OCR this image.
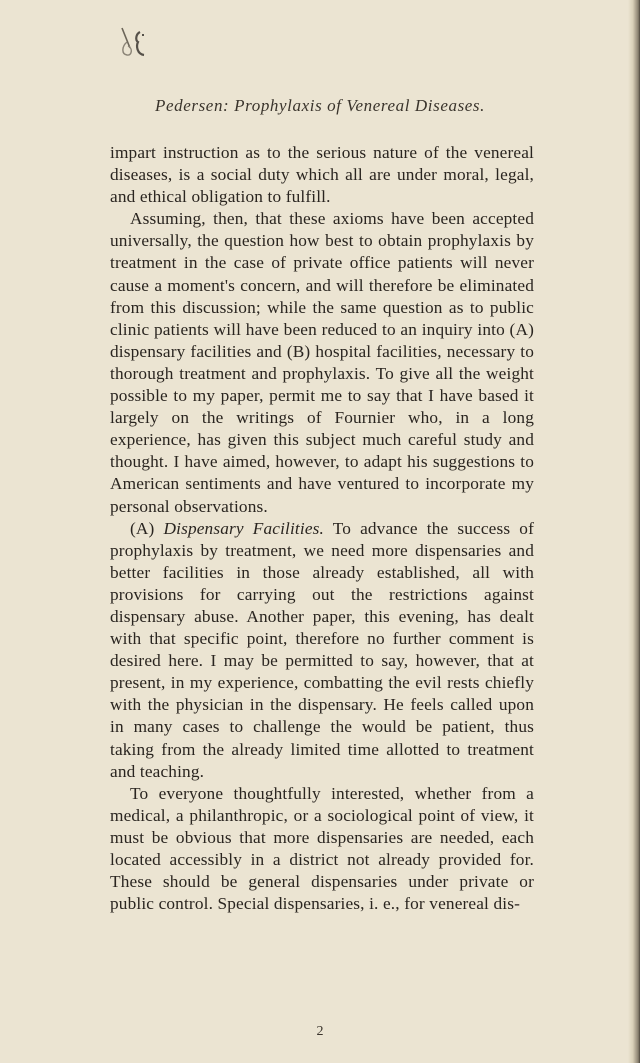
Pedersen: Prophylaxis of Venereal Diseases.

impart instruction as to the serious nature of the venereal diseases, is a social duty which all are under moral, legal, and ethical obligation to fulfill.

Assuming, then, that these axioms have been accepted universally, the question how best to obtain prophylaxis by treatment in the case of private office patients will never cause a moment's concern, and will therefore be eliminated from this discussion; while the same question as to public clinic patients will have been reduced to an inquiry into (A) dispensary facilities and (B) hospital facilities, necessary to thorough treatment and prophylaxis. To give all the weight possible to my paper, permit me to say that I have based it largely on the writings of Fournier who, in a long experience, has given this subject much careful study and thought. I have aimed, however, to adapt his suggestions to American sentiments and have ventured to incorporate my personal observations.

(A) Dispensary Facilities. To advance the success of prophylaxis by treatment, we need more dispensaries and better facilities in those already established, all with provisions for carrying out the restrictions against dispensary abuse. Another paper, this evening, has dealt with that specific point, therefore no further comment is desired here. I may be permitted to say, however, that at present, in my experience, combatting the evil rests chiefly with the physician in the dispensary. He feels called upon in many cases to challenge the would be patient, thus taking from the already limited time allotted to treatment and teaching.

To everyone thoughtfully interested, whether from a medical, a philanthropic, or a sociological point of view, it must be obvious that more dispensaries are needed, each located accessibly in a district not already provided for. These should be general dispensaries under private or public control. Special dispensaries, i. e., for venereal dis-

2
